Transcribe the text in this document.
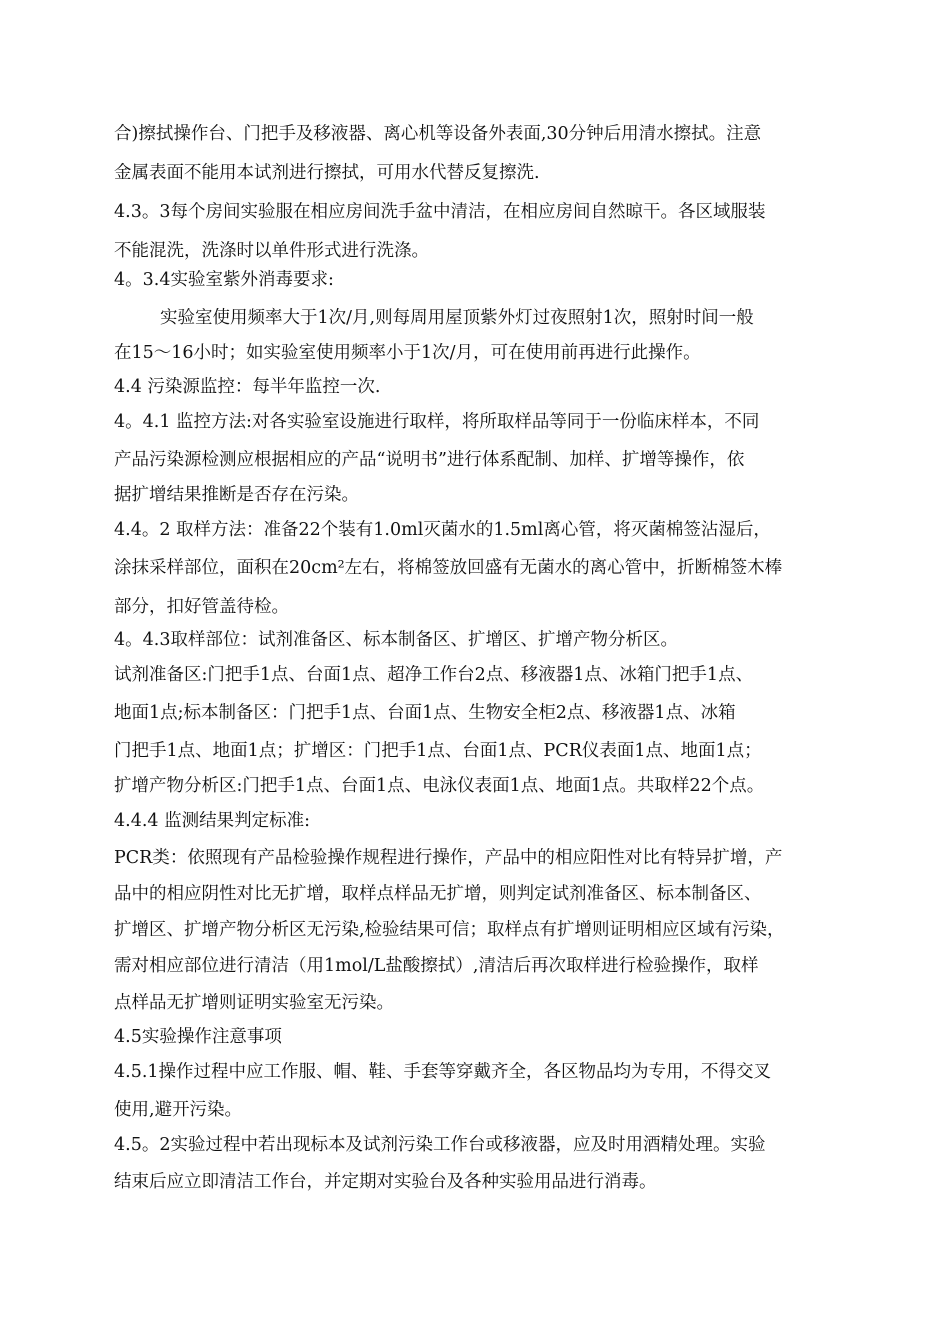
合)擦拭操作台、门把手及移液器、离心机等设备外表面,30分钟后用清水擦拭。注意
金属表面不能用本试剂进行擦拭，可用水代替反复擦洗.
4.3。3每个房间实验服在相应房间洗手盆中清洁，在相应房间自然晾干。各区域服装
不能混洗，洗涤时以单件形式进行洗涤。
4。3.4实验室紫外消毒要求:
实验室使用频率大于1次/月,则每周用屋顶紫外灯过夜照射1次，照射时间一般
在15～16小时；如实验室使用频率小于1次/月，可在使用前再进行此操作。
4.4 污染源监控：每半年监控一次.
4。4.1 监控方法:对各实验室设施进行取样，将所取样品等同于一份临床样本，不同
产品污染源检测应根据相应的产品“说明书”进行体系配制、加样、扩增等操作，依
据扩增结果推断是否存在污染。
4.4。2 取样方法：准备22个装有1.0ml灭菌水的1.5ml离心管，将灭菌棉签沾湿后，
涂抹采样部位，面积在20cm²左右，将棉签放回盛有无菌水的离心管中，折断棉签木棒
部分，扣好管盖待检。
4。4.3取样部位：试剂准备区、标本制备区、扩增区、扩增产物分析区。
试剂准备区:门把手1点、台面1点、超净工作台2点、移液器1点、冰箱门把手1点、
地面1点;标本制备区：门把手1点、台面1点、生物安全柜2点、移液器1点、冰箱
门把手1点、地面1点；扩增区：门把手1点、台面1点、PCR仪表面1点、地面1点；
扩增产物分析区:门把手1点、台面1点、电泳仪表面1点、地面1点。共取样22个点。
4.4.4 监测结果判定标准:
PCR类：依照现有产品检验操作规程进行操作，产品中的相应阳性对比有特异扩增，产
品中的相应阴性对比无扩增，取样点样品无扩增，则判定试剂准备区、标本制备区、
扩增区、扩增产物分析区无污染,检验结果可信；取样点有扩增则证明相应区域有污染，
需对相应部位进行清洁（用1mol/L盐酸擦拭）,清洁后再次取样进行检验操作，取样
点样品无扩增则证明实验室无污染。
4.5实验操作注意事项
4.5.1操作过程中应工作服、帽、鞋、手套等穿戴齐全，各区物品均为专用，不得交叉
使用,避开污染。
4.5。2实验过程中若出现标本及试剂污染工作台或移液器，应及时用酒精处理。实验
结束后应立即清洁工作台，并定期对实验台及各种实验用品进行消毒。
